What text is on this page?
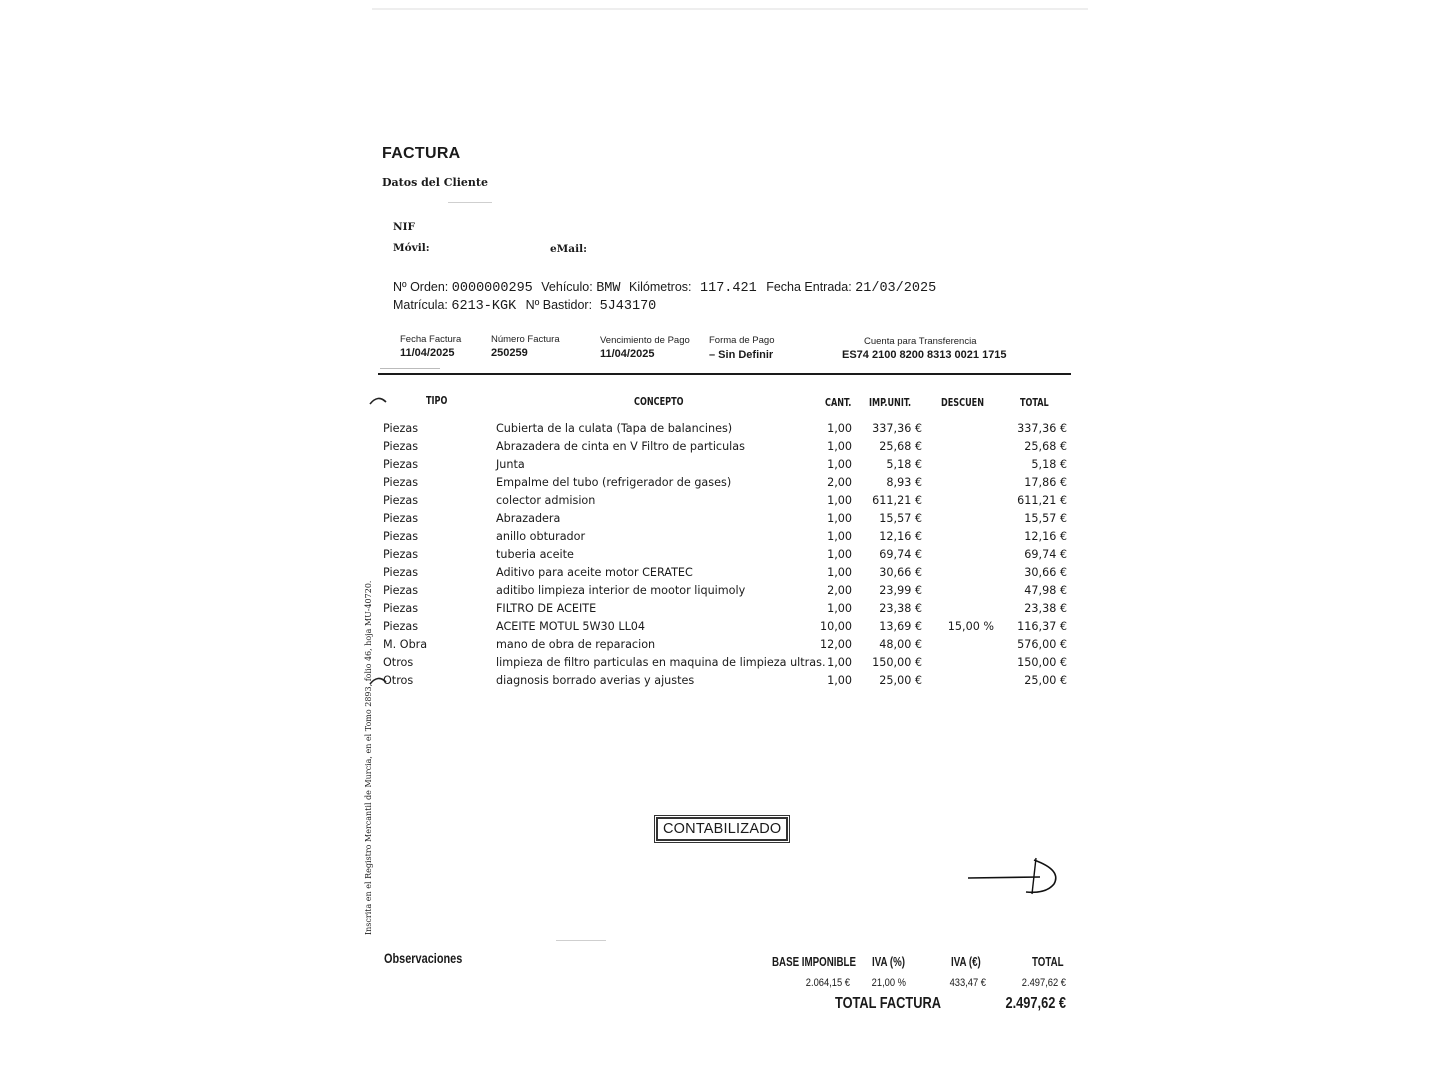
FACTURA
Datos del Cliente
NIF
Móvil:	eMail:
Nº Orden: 0000000295 Vehículo: BMW Kilómetros: 117.421 Fecha Entrada: 21/03/2025
Matrícula: 6213-KGK Nº Bastidor: 5J43170
Fecha Factura
11/04/2025
Número Factura
250259
Vencimiento de Pago
11/04/2025
Forma de Pago
– Sin Definir
Cuenta para Transferencia
ES74 2100 8200 8313 0021 1715
TIPO	CONCEPTO	CANT. IMP.UNIT.	DESCUEN	TOTAL
Piezas	Cubierta de la culata (Tapa de balancines)	1,00	337,36 €	337,36 €
Piezas	Abrazadera de cinta en V Filtro de particulas	1,00	25,68 €	25,68 €
Piezas	Junta	1,00	5,18 €	5,18 €
Piezas	Empalme del tubo (refrigerador de gases)	2,00	8,93 €	17,86 €
Piezas	colector admision	1,00	611,21 €	611,21 €
Piezas	Abrazadera	1,00	15,57 €	15,57 €
Piezas	anillo obturador	1,00	12,16 €	12,16 €
Piezas	tuberia aceite	1,00	69,74 €	69,74 €
Piezas	Aditivo para aceite motor CERATEC	1,00	30,66 €	30,66 €
Piezas	aditibo limpieza interior de mootor liquimoly	2,00	23,99 €	47,98 €
Piezas	FILTRO DE ACEITE	1,00	23,38 €	23,38 €
Piezas	ACEITE MOTUL 5W30 LL04	10,00	13,69 €	15,00 %	116,37 €
M. Obra	mano de obra de reparacion	12,00	48,00 €	576,00 €
Otros	limpieza de filtro particulas en maquina de limpieza ultras. 1,00	150,00 €	150,00 €
Otros	diagnosis borrado averias y ajustes	1,00	25,00 €	25,00 €
CONTABILIZADO
Inscrita en el Registro Mercantil de Murcia, en el Tomo 2893, folio 46, hoja MU-40720.
Observaciones	BASE IMPONIBLE IVA (%)	IVA (€)	TOTAL
2.064,15 €	21,00 %	433,47 €	2.497,62 €
TOTAL FACTURA	2.497,62 €
